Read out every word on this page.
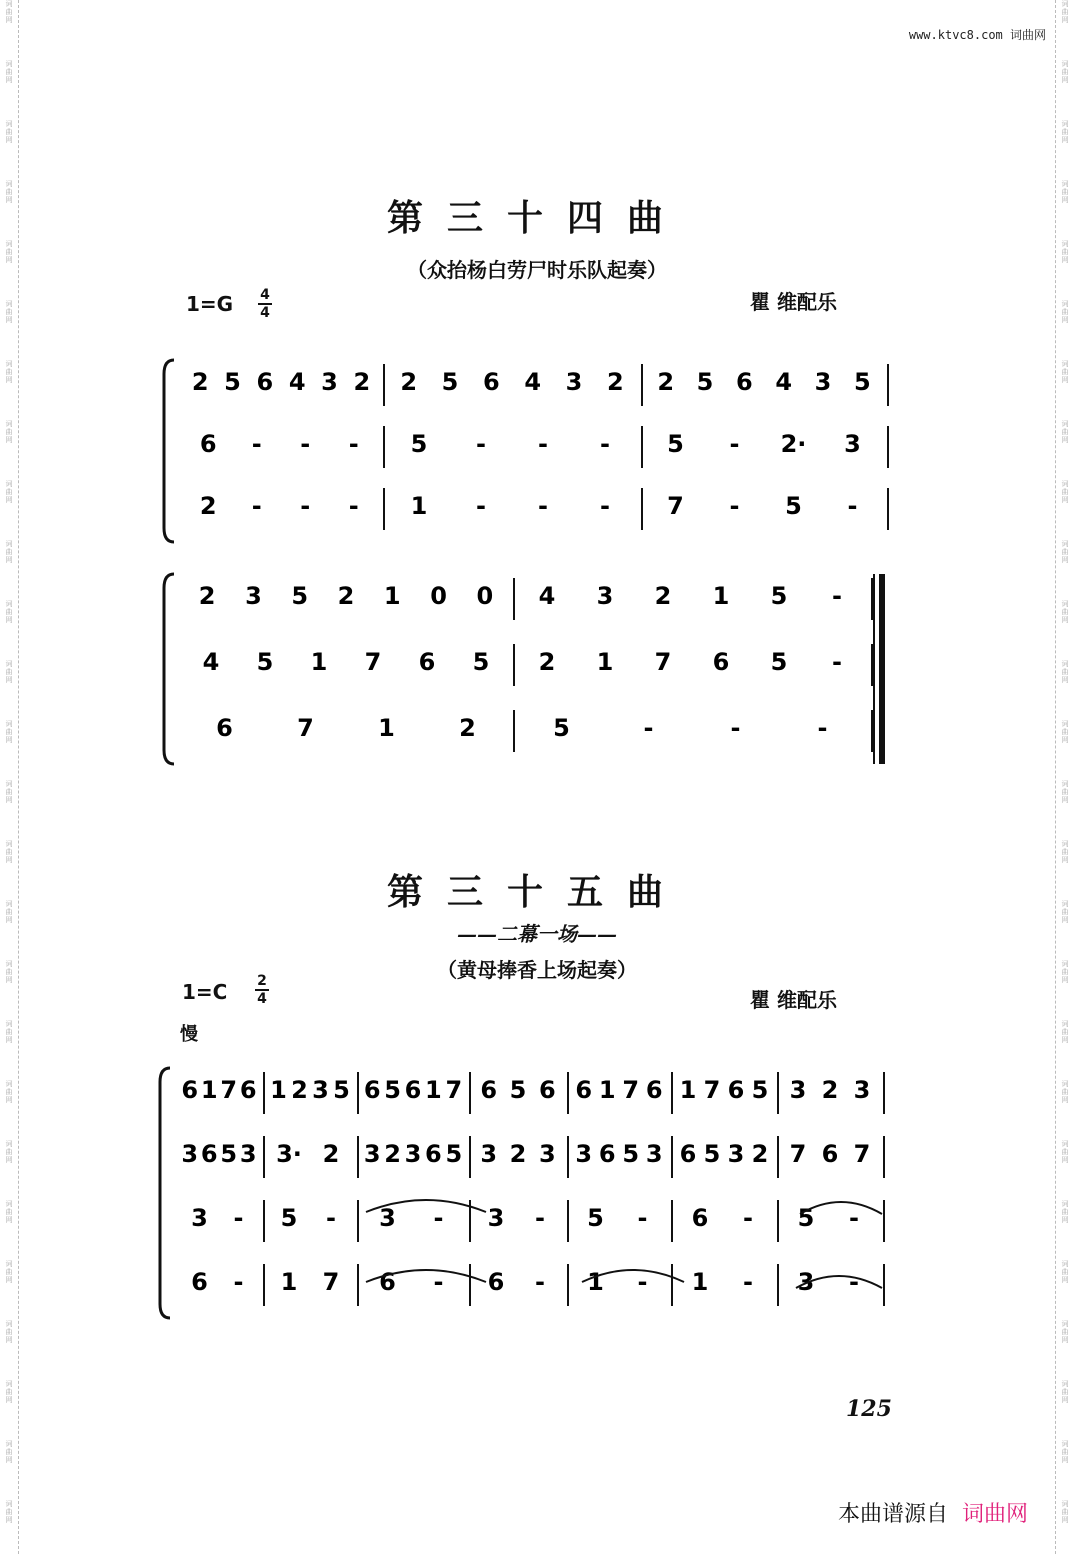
词
曲
网
词
曲
网
词
曲
网
词
曲
网
词
曲
网
词
曲
网
词
曲
网
词
曲
网
词
曲
网
词
曲
网
词
曲
网
词
曲
网
词
曲
网
词
曲
网
词
曲
网
词
曲
网
词
曲
网
词
曲
网
词
曲
网
词
曲
网
词
曲
网
词
曲
网
词
曲
网
词
曲
网
词
曲
网
词
曲
网
词
曲
网
词
曲
网
词
曲
网
词
曲
网
词
曲
网
词
曲
网
词
曲
网
词
曲
网
词
曲
网
词
曲
网
词
曲
网
词
曲
网
词
曲
网
词
曲
网
词
曲
网
词
曲
网
词
曲
网
词
曲
网
词
曲
网
词
曲
网
词
曲
网
词
曲
网
词
曲
网
词
曲
网
词
曲
网
词
曲
网
www.ktvc8.com 词曲网
第三十四曲
（众抬杨白劳尸时乐队起奏）
1=G 4
4	瞿 维配乐
第三十五曲
——二幕一场——
（黄母捧香上场起奏）
1=C 2
4	瞿 维配乐
慢
2 5 6 4 3 2 2 5 6 4 3 2 2 5 6 4 3 5
6 - - - 5 - - - 5 - 2· 3
2 - - - 1 - - - 7 - 5 -
2 3 5 2 1 0 0 4 3 2 1 5 -
4 5 1 7 6 5 2 1 7 6 5 -
6	7	1	2	5	-	-	-
6 1 7 6 1 2 3 5 6 5 6 1 7 6 5 6 6 1 7 6 1 7 6 5 3 2 3
3 6 5 3 3· 2 3 2 3 6 5 3 2 3 3 6 5 3 6 5 3 2 7 6 7
3 - 5 - 3 - 3 - 5 - 6 - 5 -
6 - 1 7 6 - 6 - 1 - 1 - 3 -
125
本曲谱源自 词曲网
